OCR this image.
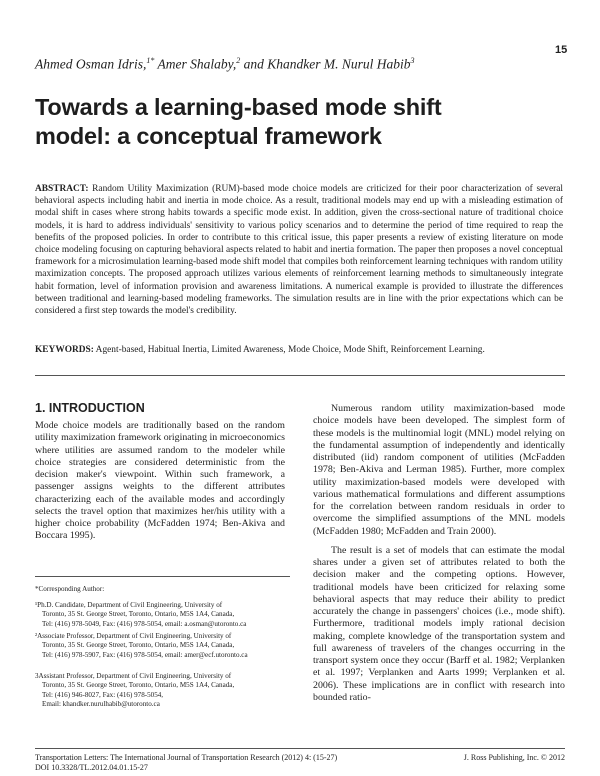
15
Ahmed Osman Idris,$^{1*}$ Amer Shalaby,$^2$ and Khandker M. Nurul Habib$^3$
Towards a learning-based mode shift
model: a conceptual framework
ABSTRACT: Random Utility Maximization (RUM)-based mode choice models are criticized for their poor characterization of several behavioral aspects including habit and inertia in mode choice. As a result, traditional models may end up with a misleading estimation of modal shift in cases where strong habits towards a specific mode exist. In addition, given the cross-sectional nature of traditional choice models, it is hard to address individuals' sensitivity to various policy scenarios and to determine the period of time required to reap the benefits of the proposed policies. In order to contribute to this critical issue, this paper presents a review of existing literature on mode choice modeling focusing on capturing behavioral aspects related to habit and inertia formation. The paper then proposes a novel conceptual framework for a microsimulation learning-based mode shift model that compiles both reinforcement learning techniques with random utility maximization concepts. The proposed approach utilizes various elements of reinforcement learning methods to simultaneously integrate habit formation, level of information provision and awareness limitations. A numerical example is provided to illustrate the differences between traditional and learning-based modeling frameworks. The simulation results are in line with the prior expectations which can be considered a first step towards the model's credibility.
KEYWORDS: Agent-based, Habitual Inertia, Limited Awareness, Mode Choice, Mode Shift, Reinforcement Learning.
1. INTRODUCTION
Mode choice models are traditionally based on the random utility maximization framework originating in microeconomics where utilities are assumed random to the modeler while choice strategies are considered deterministic from the decision maker's viewpoint. Within such framework, a passenger assigns weights to the different attributes characterizing each of the available modes and accordingly selects the travel option that maximizes her/his utility with a higher choice probability (McFadden 1974; Ben-Akiva and Boccara 1995).

Numerous random utility maximization-based mode choice models have been developed. The simplest form of these models is the multinomial logit (MNL) model relying on the fundamental assumption of independently and identically distributed (iid) random component of utilities (McFadden 1978; Ben-Akiva and Lerman 1985). Further, more complex utility maximization-based models were developed with various mathematical formulations and different assumptions for the correlation between random residuals in order to overcome the simplified assumptions of the MNL models (McFadden 1980; McFadden and Train 2000).

The result is a set of models that can estimate the modal shares under a given set of attributes related to both the decision maker and the competing options. However, traditional models have been criticized for relaxing some behavioral aspects that may reduce their ability to predict accurately the change in passengers' choices (i.e., mode shift). Furthermore, traditional models imply rational decision making, complete knowledge of the transportation system and full awareness of travelers of the changes occurring in the transport system once they occur (Barff et al. 1982; Verplanken et al. 1997; Verplanken and Aarts 1999; Verplanken et al. 2006). These implications are in conflict with research into bounded ratio-

*Corresponding Author:
¹Ph.D. Candidate, Department of Civil Engineering, University of
Toronto, 35 St. George Street, Toronto, Ontario, M5S 1A4, Canada,
Tel: (416) 978-5049, Fax: (416) 978-5054, email: a.osman@utoronto.ca
²Associate Professor, Department of Civil Engineering, University of
Toronto, 35 St. George Street, Toronto, Ontario, M5S 1A4, Canada,
Tel: (416) 978-5907, Fax: (416) 978-5054, email: amer@ecf.utoronto.ca
3Assistant Professor, Department of Civil Engineering, University of
Toronto, 35 St. George Street, Toronto, Ontario, M5S 1A4, Canada,
Tel: (416) 946-8027, Fax: (416) 978-5054,
Email: khandker.nurulhabib@utoronto.ca
Transportation Letters: The International Journal of Transportation Research (2012) 4: (15-27)
DOI 10.3328/TL.2012.04.01.15-27
J. Ross Publishing, Inc. © 2012
